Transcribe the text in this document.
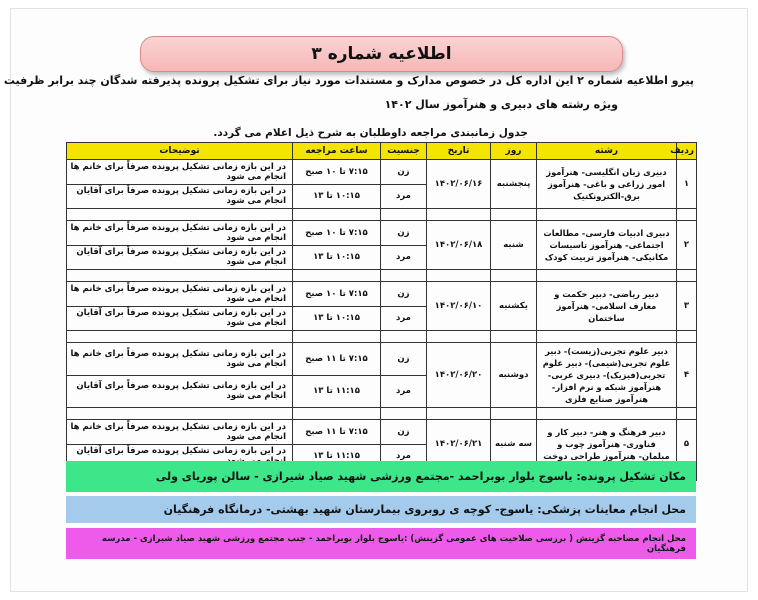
اطلاعیه شماره ۳
پیرو اطلاعیه شماره ۲ این اداره کل در خصوص مدارک و مستندات مورد نیاز برای تشکیل پرونده پذیرفته شدگان چند برابر ظرفیت
ویژه رشته های دبیری و هنرآموز سال ۱۴۰۲
جدول زمانبندی مراجعه داوطلبان به شرح ذیل اعلام می گردد.
ردیف	رشته	روز	تاریخ	جنسیت	ساعت مراجعه	توضیحات
۱	دبیری زبان انگلیسی- هنرآموز امور زراعی و باغی- هنرآموز برق-الکترونکتیک	پنجشنبه	۱۴۰۲/۰۶/۱۶	زن	۷:۱۵ تا ۱۰ صبح	در این بازه زمانی تشکیل پرونده صرفاً برای خانم ها انجام می شود
				مرد	۱۰:۱۵ تا ۱۳	در این بازه زمانی تشکیل پرونده صرفاً برای آقایان انجام می شود

۲	دبیری ادبیات فارسی- مطالعات اجتماعی- هنرآموز تاسیسات مکانیکی- هنرآموز تربیت کودک	شنبه	۱۴۰۲/۰۶/۱۸	زن	۷:۱۵ تا ۱۰ صبح	در این بازه زمانی تشکیل پرونده صرفاً برای خانم ها انجام می شود
				مرد	۱۰:۱۵ تا ۱۳	در این بازه زمانی تشکیل پرونده صرفاً برای آقایان انجام می شود

۳	دبیر ریاضی- دبیر حکمت و معارف اسلامی- هنرآموز ساختمان	یکشنبه	۱۴۰۲/۰۶/۱۰	زن	۷:۱۵ تا ۱۰ صبح	در این بازه زمانی تشکیل پرونده صرفاً برای خانم ها انجام می شود
				مرد	۱۰:۱۵ تا ۱۳	در این بازه زمانی تشکیل پرونده صرفاً برای آقایان انجام می شود

۴	دبیر علوم تجربی(زیست)- دبیر علوم تجربی(شیمی)- دبیر علوم تجربی(فیزیک)- دبیری عربی- هنرآموز شبکه و نرم افزار- هنرآموز صنایع فلزی	دوشنبه	۱۴۰۲/۰۶/۲۰	زن	۷:۱۵ تا ۱۱ صبح	در این بازه زمانی تشکیل پرونده صرفاً برای خانم ها انجام می شود
				مرد	۱۱:۱۵ تا ۱۳	در این بازه زمانی تشکیل پرونده صرفاً برای آقایان انجام می شود

۵	دبیر فرهنگ و هنر- دبیر کار و فناوری- هنرآموز چوب و مبلمان- هنرآموز طراحی دوخت	سه شنبه	۱۴۰۲/۰۶/۲۱	زن	۷:۱۵ تا ۱۱ صبح	در این بازه زمانی تشکیل پرونده صرفاً برای خانم ها انجام می شود
				مرد	۱۱:۱۵ تا ۱۳	در این بازه زمانی تشکیل پرونده صرفاً برای آقایان

مکان تشکیل پرونده: یاسوج بلوار بوبراحمد -مجتمع ورزشی شهید صیاد شیرازی - سالن پوریای ولی
محل انجام معاینات پزشکی: یاسوج- کوچه ی روبروی بیمارستان شهید بهشتی- درمانگاه فرهنگیان
محل انجام مصاحبه گزینش ( بررسی صلاحیت های عمومی گزینش) :یاسوج بلوار بوبراحمد - جنب مجتمع ورزشی شهید صیاد شیرازی - مدرسه فرهنگیان
